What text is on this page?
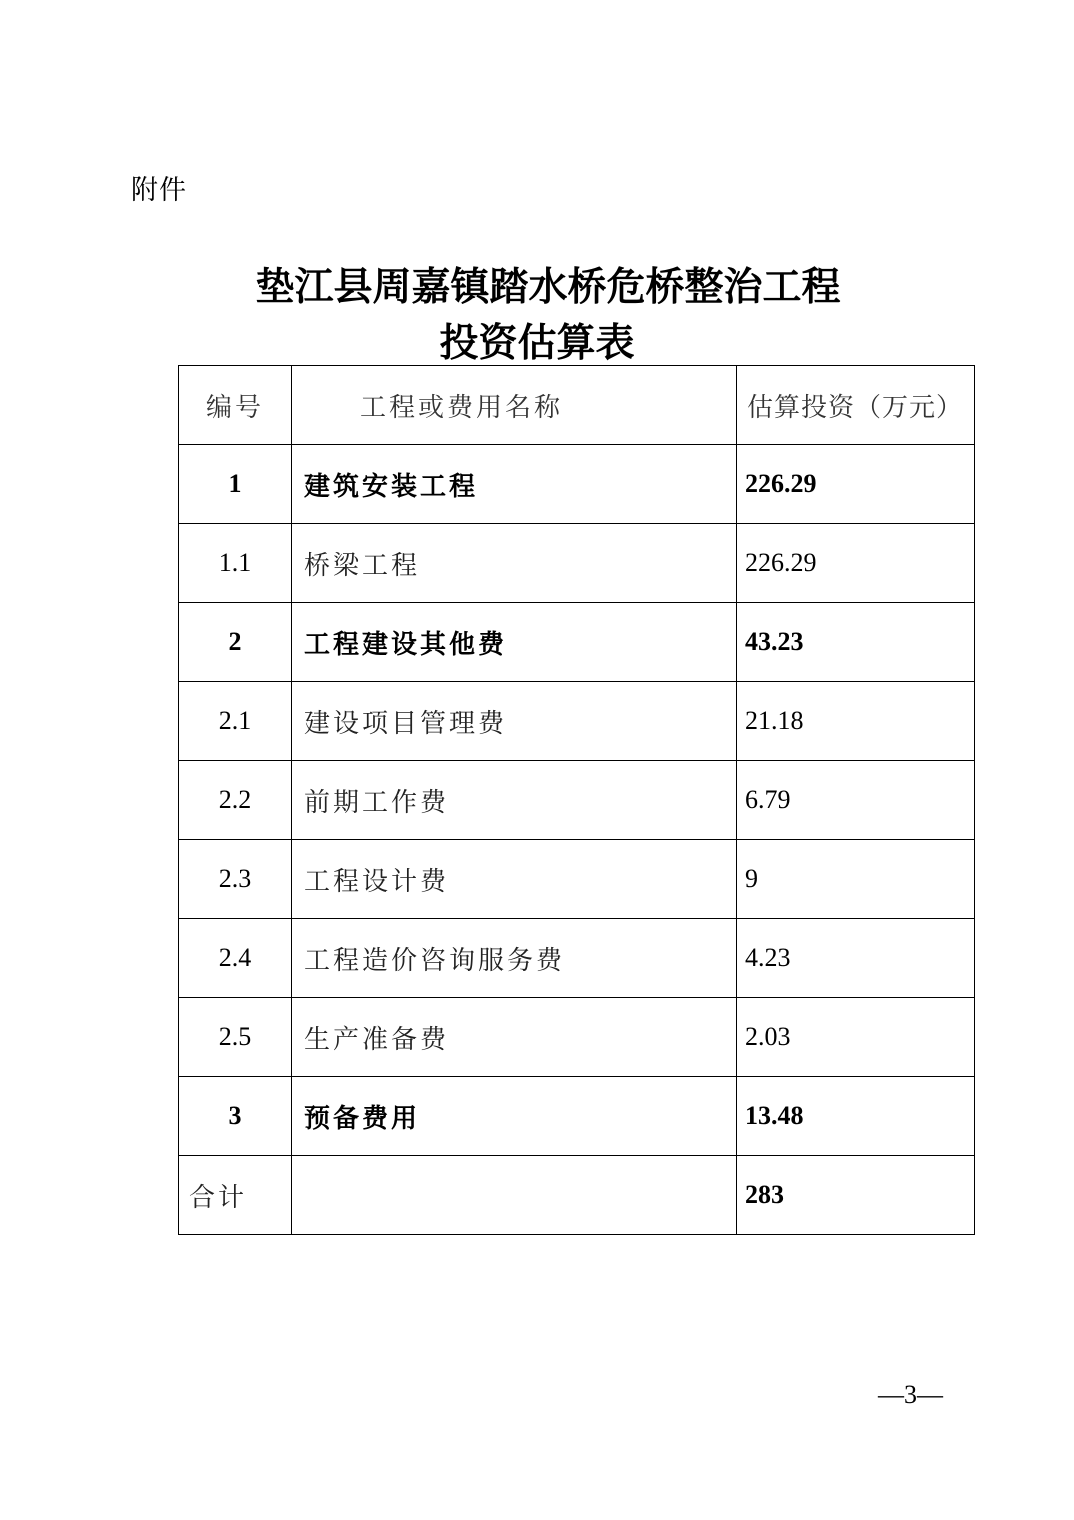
附件
垫江县周嘉镇踏水桥危桥整治工程
投资估算表
编号	工程或费用名称	估算投资（万元）
1	建筑安装工程	226.29
1.1	桥梁工程	226.29
2	工程建设其他费	43.23
2.1	建设项目管理费	21.18
2.2	前期工作费	6.79
2.3	工程设计费	9
2.4	工程造价咨询服务费	4.23
2.5	生产准备费	2.03
3	预备费用	13.48
合计		283
—3—
